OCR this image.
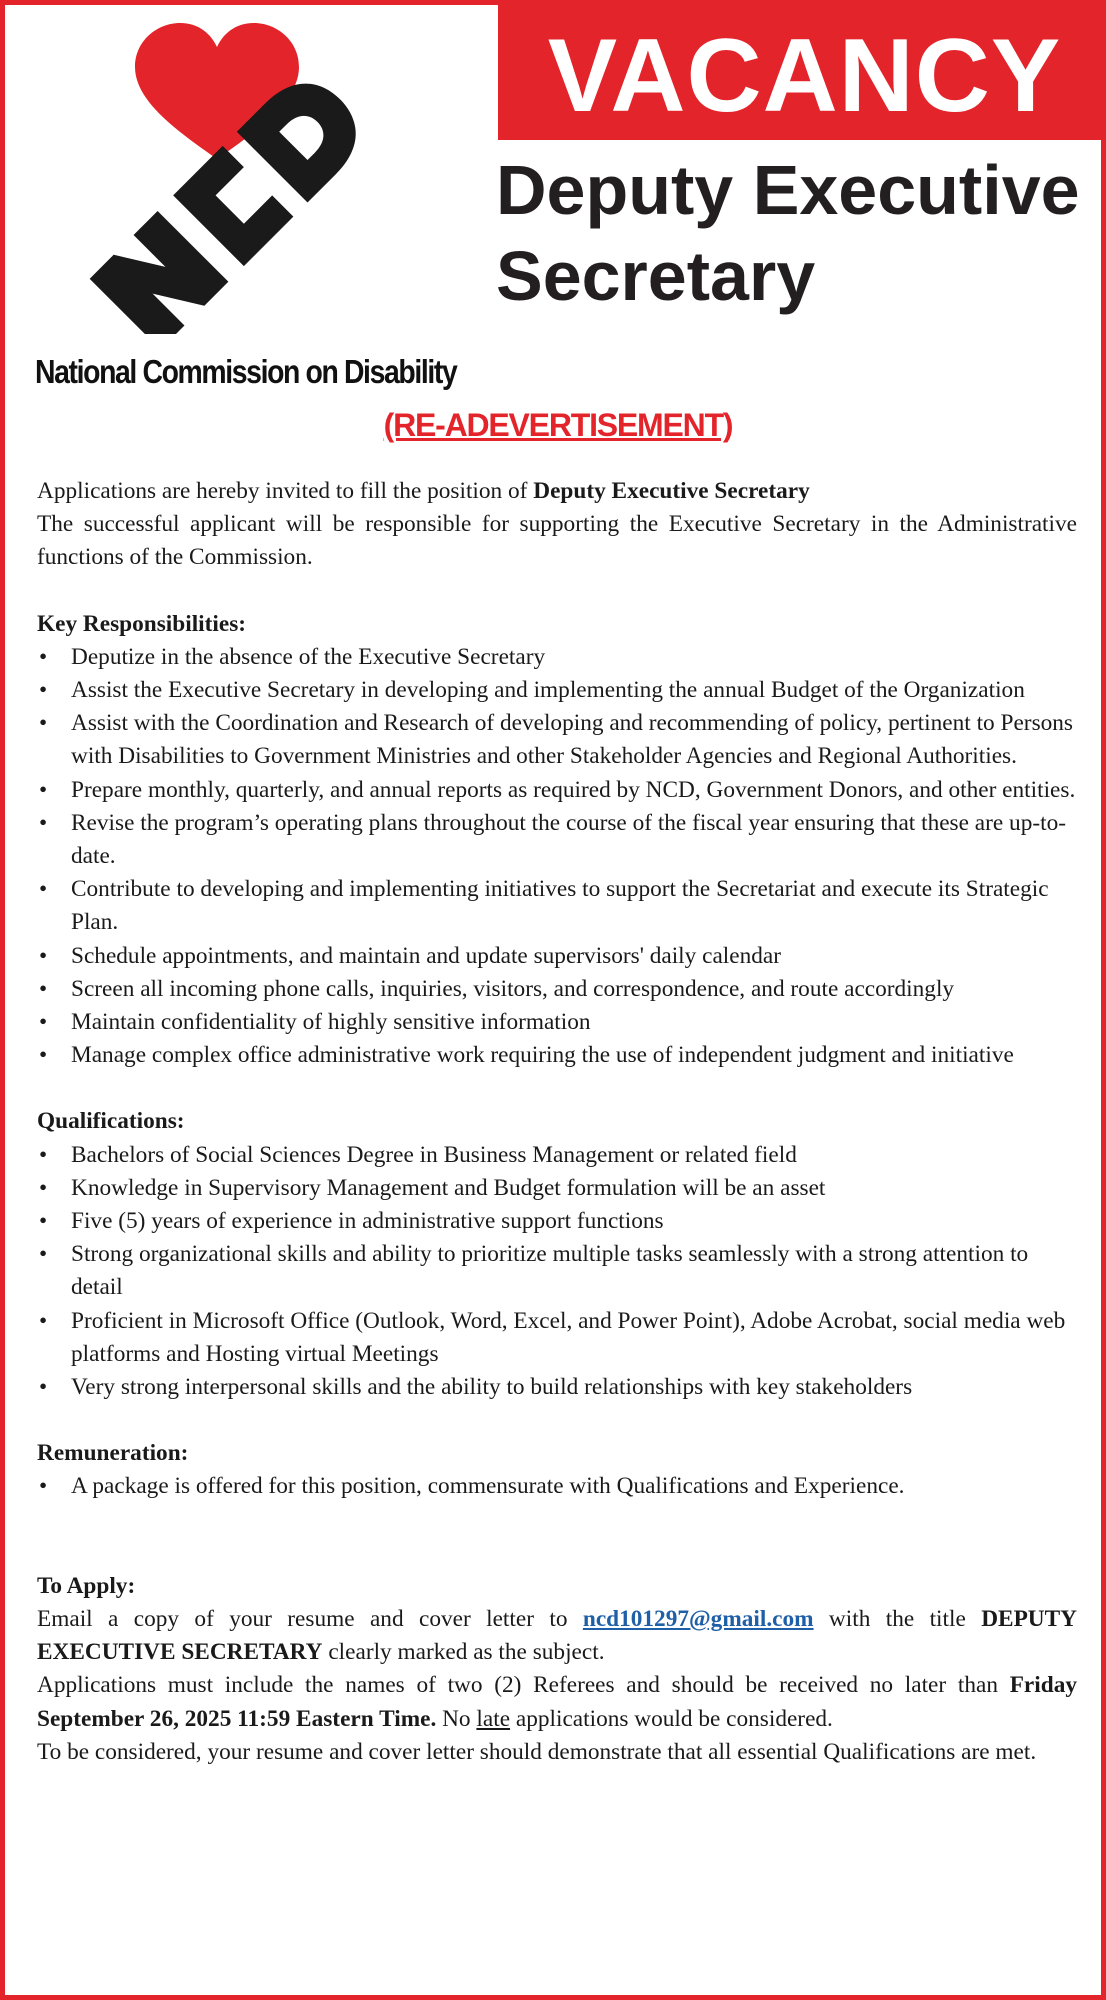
VACANCY
Deputy Executive Secretary
National Commission on Disability
(RE-ADEVERTISEMENT)

Applications are hereby invited to fill the position of Deputy Executive Secretary

The successful applicant will be responsible for supporting the Executive Secretary in the Administrative functions of the Commission.

Key Responsibilities:

• Deputize in the absence of the Executive Secretary
• Assist the Executive Secretary in developing and implementing the annual Budget of the Organization
• Assist with the Coordination and Research of developing and recommending of policy, pertinent to Persons with Disabilities to Government Ministries and other Stakeholder Agencies and Regional Authorities.
• Prepare monthly, quarterly, and annual reports as required by NCD, Government Donors, and other entities.
• Revise the program’s operating plans throughout the course of the fiscal year ensuring that these are up-to-date.
• Contribute to developing and implementing initiatives to support the Secretariat and execute its Strategic Plan.
• Schedule appointments, and maintain and update supervisors' daily calendar
• Screen all incoming phone calls, inquiries, visitors, and correspondence, and route accordingly
• Maintain confidentiality of highly sensitive information
• Manage complex office administrative work requiring the use of independent judgment and initiative

Qualifications:

• Bachelors of Social Sciences Degree in Business Management or related field
• Knowledge in Supervisory Management and Budget formulation will be an asset
• Five (5) years of experience in administrative support functions
• Strong organizational skills and ability to prioritize multiple tasks seamlessly with a strong attention to detail
• Proficient in Microsoft Office (Outlook, Word, Excel, and Power Point), Adobe Acrobat, social media web platforms and Hosting virtual Meetings
• Very strong interpersonal skills and the ability to build relationships with key stakeholders

Remuneration:

• A package is offered for this position, commensurate with Qualifications and Experience.

To Apply:

Email a copy of your resume and cover letter to ncd101297@gmail.com with the title DEPUTY EXECUTIVE SECRETARY clearly marked as the subject.

Applications must include the names of two (2) Referees and should be received no later than Friday September 26, 2025 11:59 Eastern Time. No late applications would be considered.

To be considered, your resume and cover letter should demonstrate that all essential Qualifications are met.
